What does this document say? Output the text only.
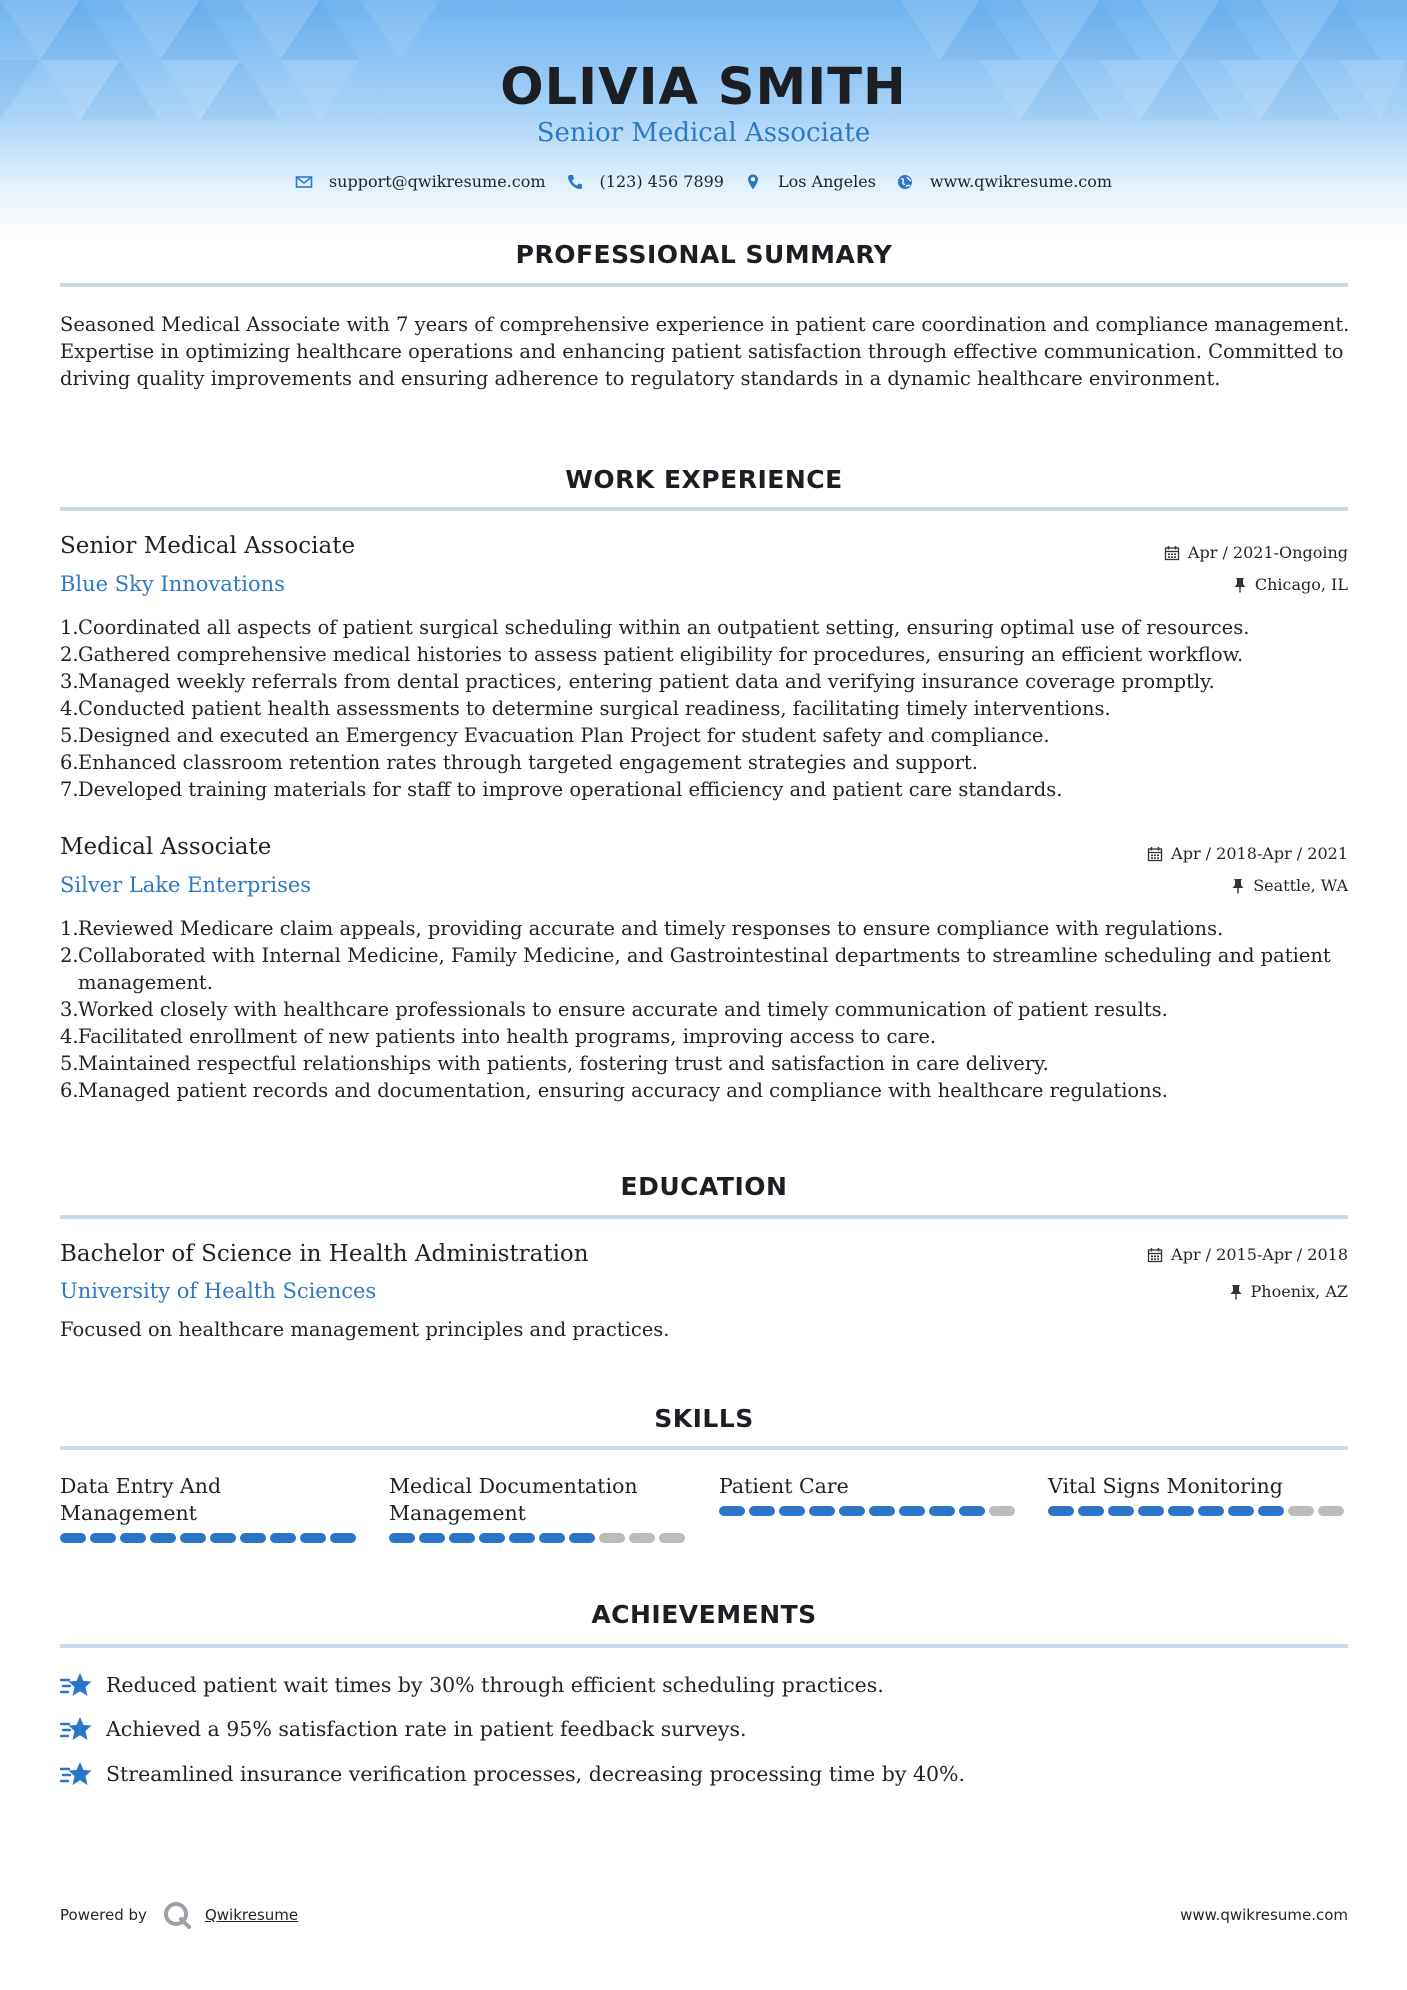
OLIVIA SMITH
Senior Medical Associate
support@qwikresume.com	(123) 456 7899	Los Angeles	www.qwikresume.com
PROFESSIONAL SUMMARY
Seasoned Medical Associate with 7 years of comprehensive experience in patient care coordination and compliance management. Expertise in optimizing healthcare operations and enhancing patient satisfaction through effective communication. Committed to driving quality improvements and ensuring adherence to regulatory standards in a dynamic healthcare environment.
WORK EXPERIENCE
Senior Medical Associate	Apr / 2021-Ongoing
Blue Sky Innovations	Chicago, IL
1. Coordinated all aspects of patient surgical scheduling within an outpatient setting, ensuring optimal use of resources.
2. Gathered comprehensive medical histories to assess patient eligibility for procedures, ensuring an efficient workflow.
3. Managed weekly referrals from dental practices, entering patient data and verifying insurance coverage promptly.
4. Conducted patient health assessments to determine surgical readiness, facilitating timely interventions.
5. Designed and executed an Emergency Evacuation Plan Project for student safety and compliance.
6. Enhanced classroom retention rates through targeted engagement strategies and support.
7. Developed training materials for staff to improve operational efficiency and patient care standards.
Medical Associate	Apr / 2018-Apr / 2021
Silver Lake Enterprises	Seattle, WA
1. Reviewed Medicare claim appeals, providing accurate and timely responses to ensure compliance with regulations.
2. Collaborated with Internal Medicine, Family Medicine, and Gastrointestinal departments to streamline scheduling and patient management.
3. Worked closely with healthcare professionals to ensure accurate and timely communication of patient results.
4. Facilitated enrollment of new patients into health programs, improving access to care.
5. Maintained respectful relationships with patients, fostering trust and satisfaction in care delivery.
6. Managed patient records and documentation, ensuring accuracy and compliance with healthcare regulations.
EDUCATION
Bachelor of Science in Health Administration	Apr / 2015-Apr / 2018
University of Health Sciences	Phoenix, AZ
Focused on healthcare management principles and practices.
SKILLS
Data Entry And Management
Medical Documentation Management
Patient Care	Vital Signs Monitoring
ACHIEVEMENTS
Reduced patient wait times by 30% through efficient scheduling practices.
Achieved a 95% satisfaction rate in patient feedback surveys.
Streamlined insurance verification processes, decreasing processing time by 40%.
Powered by	Qwikresume	www.qwikresume.com
